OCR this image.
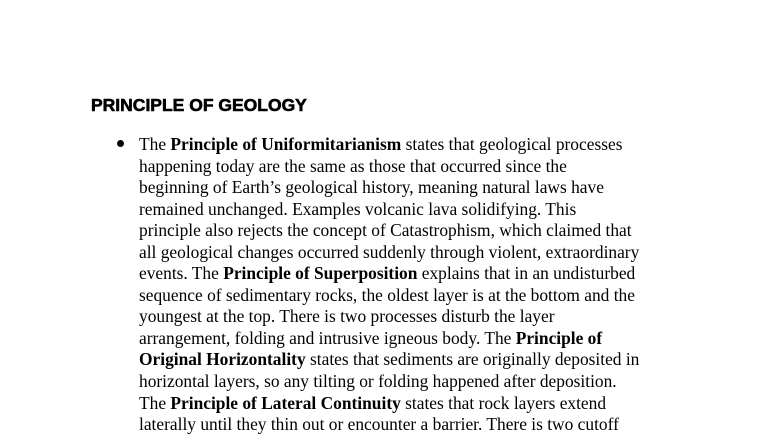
PRINCIPLE OF GEOLOGY
The Principle of Uniformitarianism states that geological processes
happening today are the same as those that occurred since the
beginning of Earth’s geological history, meaning natural laws have
remained unchanged. Examples volcanic lava solidifying. This
principle also rejects the concept of Catastrophism, which claimed that
all geological changes occurred suddenly through violent, extraordinary
events. The Principle of Superposition explains that in an undisturbed
sequence of sedimentary rocks, the oldest layer is at the bottom and the
youngest at the top. There is two processes disturb the layer
arrangement, folding and intrusive igneous body. The Principle of
Original Horizontality states that sediments are originally deposited in
horizontal layers, so any tilting or folding happened after deposition.
The Principle of Lateral Continuity states that rock layers extend
laterally until they thin out or encounter a barrier. There is two cutoff
